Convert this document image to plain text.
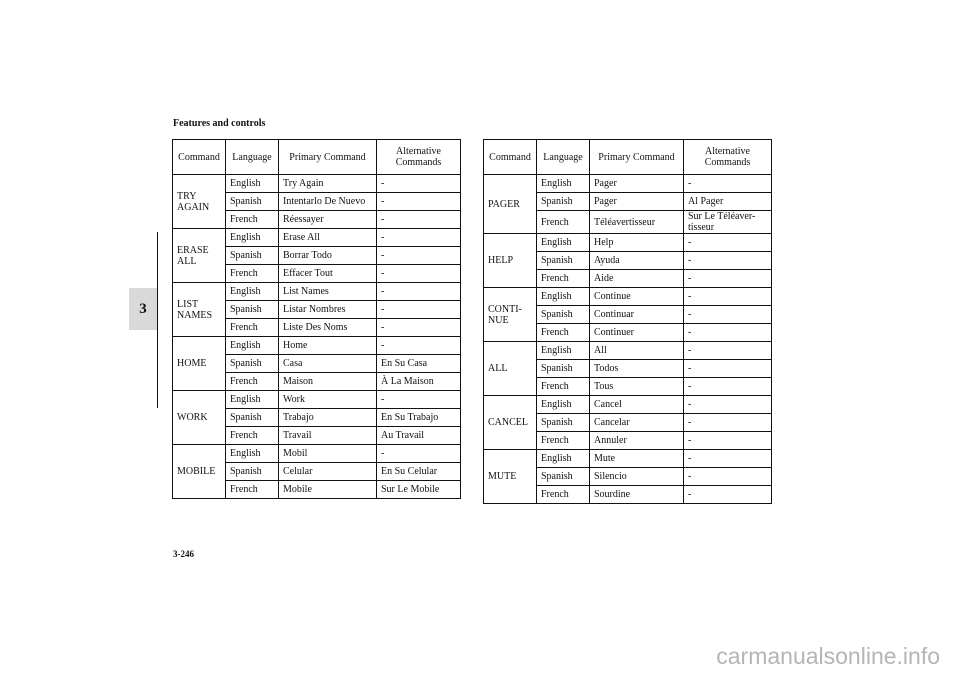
Features and controls
3
Command	Language	Primary Command	Alternative Commands
TRY AGAIN	English	Try Again	-
	Spanish	Intentarlo De Nuevo	-
	French	Réessayer	-
ERASE ALL	English	Erase All	-
	Spanish	Borrar Todo	-
	French	Effacer Tout	-
LIST NAMES	English	List Names	-
	Spanish	Listar Nombres	-
	French	Liste Des Noms	-
HOME	English	Home	-
	Spanish	Casa	En Su Casa
	French	Maison	À La Maison
WORK	English	Work	-
	Spanish	Trabajo	En Su Trabajo
	French	Travail	Au Travail
MOBILE	English	Mobil	-
	Spanish	Celular	En Su Celular
	French	Mobile	Sur Le Mobile
Command	Language	Primary Command	Alternative Commands
PAGER	English	Pager	-
	Spanish	Pager	Al Pager
	French	Téléavertisseur	Sur Le Téléaver-tisseur
HELP	English	Help	-
	Spanish	Ayuda	-
	French	Aide	-
CONTI-NUE	English	Continue	-
	Spanish	Continuar	-
	French	Continuer	-
ALL	English	All	-
	Spanish	Todos	-
	French	Tous	-
CANCEL	English	Cancel	-
	Spanish	Cancelar	-
	French	Annuler	-
MUTE	English	Mute	-
	Spanish	Silencio	-
	French	Sourdine	-
3-246
carmanualsonline.info
